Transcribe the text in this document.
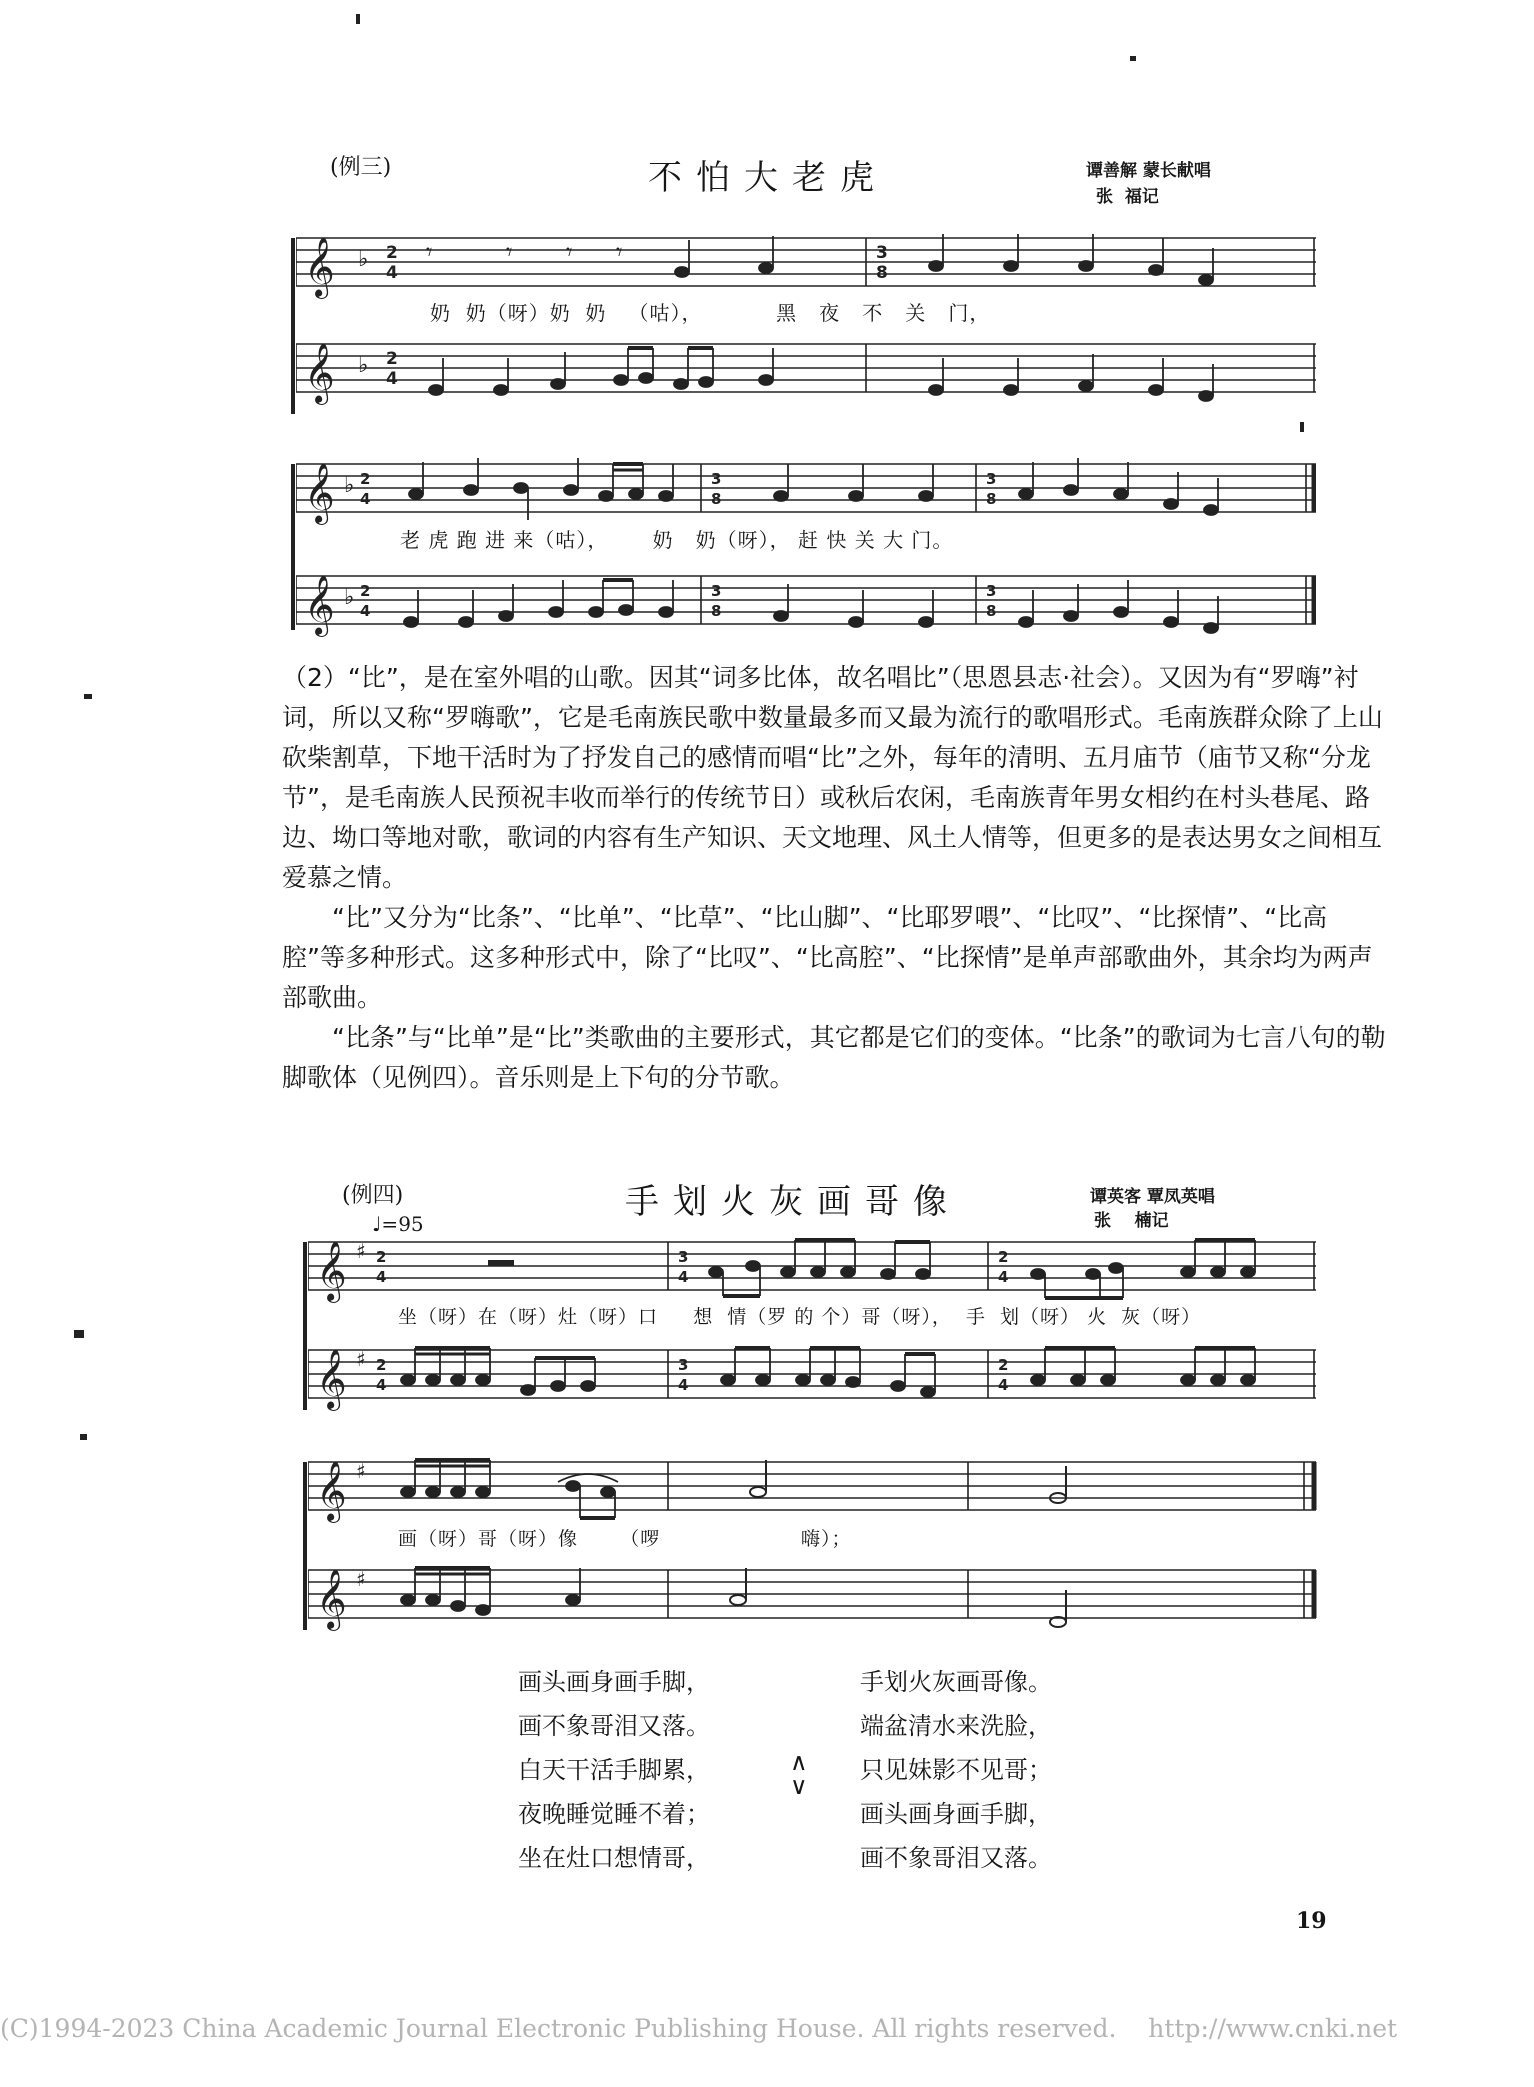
(例三)	不怕大老虎	谭善解 蒙长献唱
张  福记
𝄞 ♭ 2
4
𝄾	𝄾 𝄾 𝄾	3
8
奶  奶（呀）奶  奶   （咕），          黑   夜   不   关   门，
𝄞 ♭ 2
4
𝄞 ♭ 2
4
3
8
3
8
老 虎 跑 进 来（咕），      奶   奶（呀）， 赶 快 关 大 门。
𝄞 ♭ 2
4
3
8
3
8

（2）“比”，是在室外唱的山歌。因其“词多比体，故名唱比”（思恩县志·社会）。又因为有“罗嗨”衬词，所以又称“罗嗨歌”，它是毛南族民歌中数量最多而又最为流行的歌唱形式。毛南族群众除了上山砍柴割草，下地干活时为了抒发自己的感情而唱“比”之外，每年的清明、五月庙节（庙节又称“分龙节”，是毛南族人民预祝丰收而举行的传统节日）或秋后农闲，毛南族青年男女相约在村头巷尾、路边、坳口等地对歌，歌词的内容有生产知识、天文地理、风土人情等，但更多的是表达男女之间相互爱慕之情。

“比”又分为“比条”、“比单”、“比草”、“比山脚”、“比耶罗喂”、“比叹”、“比探情”、“比高腔”等多种形式。这多种形式中，除了“比叹”、“比高腔”、“比探情”是单声部歌曲外，其余均为两声部歌曲。

“比条”与“比单”是“比”类歌曲的主要形式，其它都是它们的变体。“比条”的歌词为七言八句的勒脚歌体（见例四）。音乐则是上下句的分节歌。

(例四)	手划火灰画哥像	谭英客 覃凤英唱
张    楠记
♩=95
𝄞 ♯ 2
4
3
4
2
4
坐（呀）在（呀）灶（呀）口     想  情（罗 的 个）哥（呀），  手  划（呀） 火  灰（呀）
𝄞 ♯ 2
4
3
4
2
4
𝄞 ♯
画（呀）哥（呀）像      （啰                    嗨）；
𝄞 ♯
画头画身画手脚，
画不象哥泪又落。
白天干活手脚累，
夜晚睡觉睡不着；
坐在灶口想情哥，
∧
∨
手划火灰画哥像。
端盆清水来洗脸，
只见妹影不见哥；
画头画身画手脚，
画不象哥泪又落。
19
(C)1994-2023 China Academic Journal Electronic Publishing House. All rights reserved.    http://www.cnki.net
